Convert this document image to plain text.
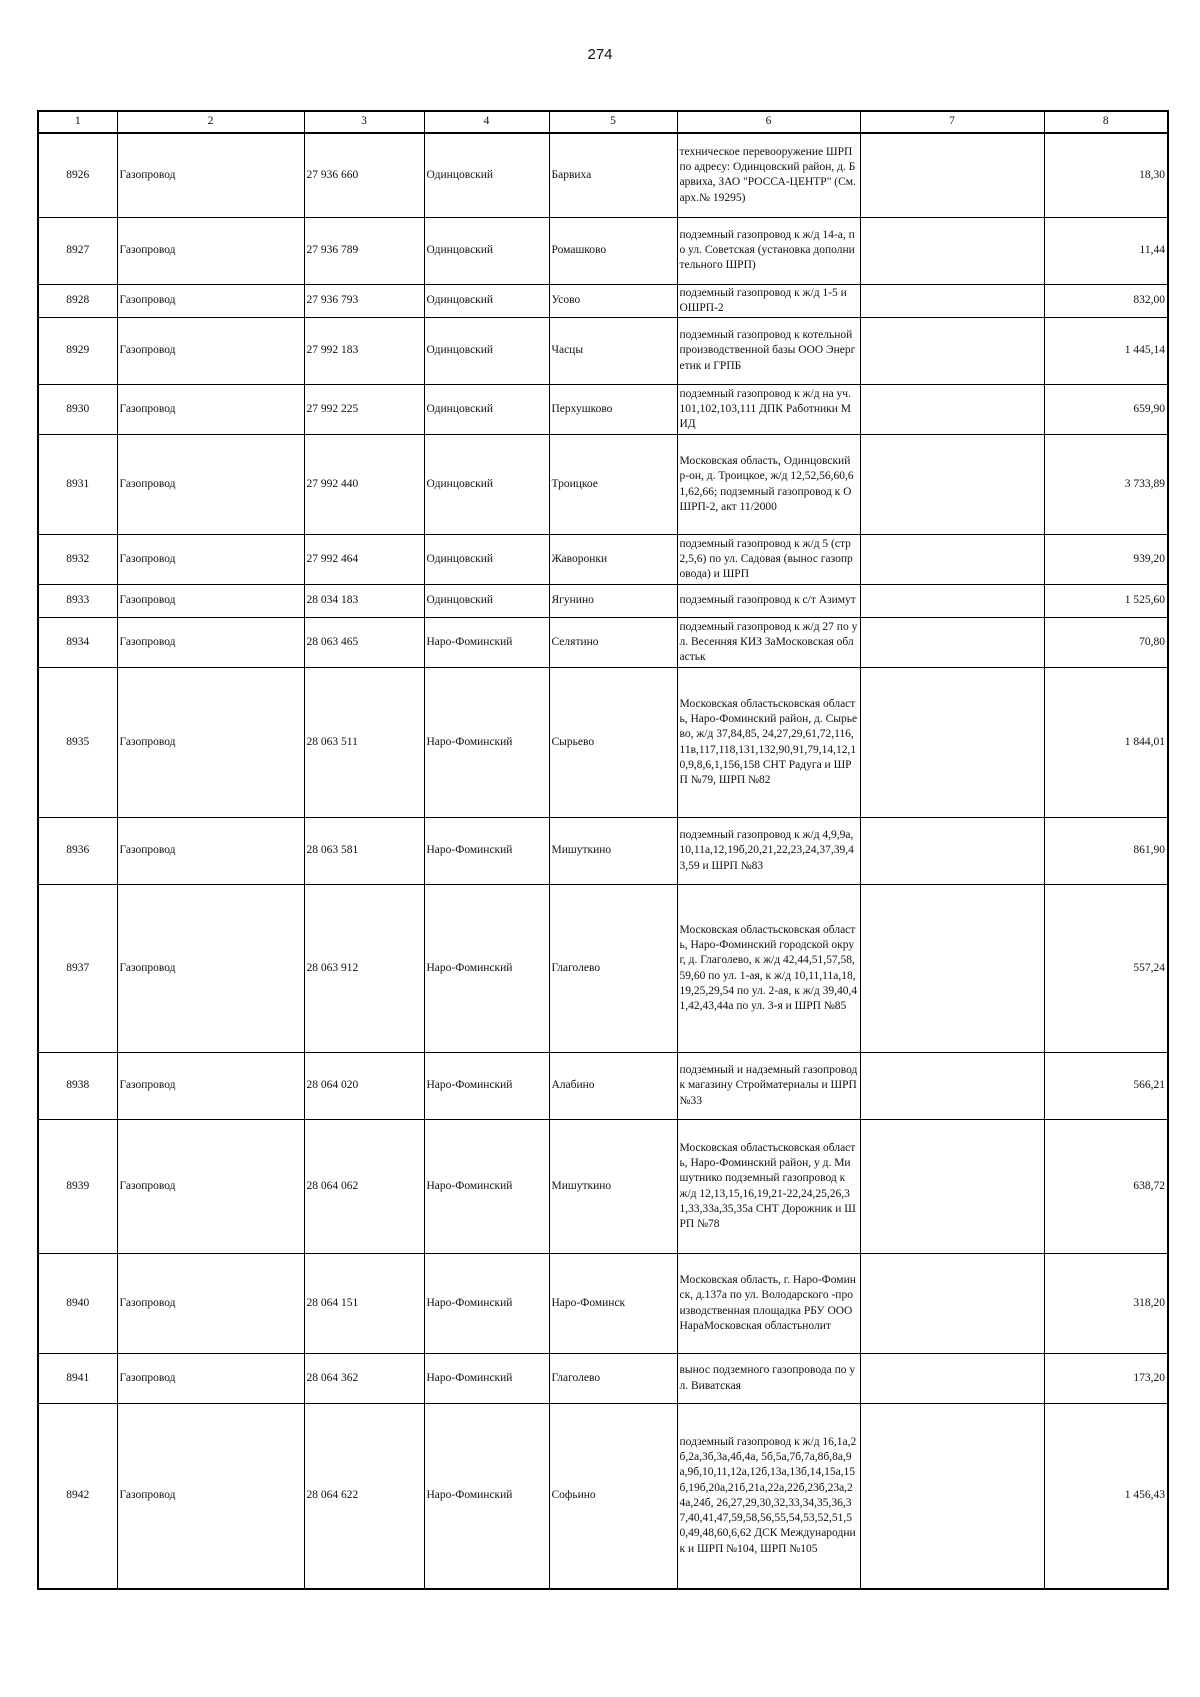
274
1	2	3	4	5	6	7	8
8926	Газопровод	27 936 660	Одинцовский	Барвиха	техническое перевооружение ШРП по адресу: Одинцовский район, д. Барвиха, ЗАО "РОССА-ЦЕНТР" (См. арх.№ 19295)		18,30
8927	Газопровод	27 936 789	Одинцовский	Ромашково	подземный газопровод к ж/д 14-а, по ул. Советская (установка дополнительного ШРП)		11,44
8928	Газопровод	27 936 793	Одинцовский	Усово	подземный газопровод к ж/д 1-5 и ОШРП-2		832,00
8929	Газопровод	27 992 183	Одинцовский	Часцы	подземный газопровод к котельной производственной базы ООО Энергетик и ГРПБ		1 445,14
8930	Газопровод	27 992 225	Одинцовский	Перхушково	подземный газопровод к ж/д на уч. 101,102,103,111 ДПК Работники МИД		659,90
8931	Газопровод	27 992 440	Одинцовский	Троицкое	Московская область, Одинцовский р-он, д. Троицкое, ж/д 12,52,56,60,61,62,66; подземный газопровод к ОШРП-2, акт 11/2000		3 733,89
8932	Газопровод	27 992 464	Одинцовский	Жаворонки	подземный газопровод к ж/д 5 (стр 2,5,6) по ул. Садовая (вынос газопровода) и ШРП		939,20
8933	Газопровод	28 034 183	Одинцовский	Ягунино	подземный газопровод к с/т Азимут		1 525,60
8934	Газопровод	28 063 465	Наро-Фоминский	Селятино	подземный газопровод к ж/д 27 по ул. Весенняя КИЗ ЗаМосковская областьк		70,80
8935	Газопровод	28 063 511	Наро-Фоминский	Сырьево	Московская областьсковская область, Наро-Фоминский район, д. Сырьево, ж/д 37,84,85, 24,27,29,61,72,116,11в,117,118,131,132,90,91,79,14,12,10,9,8,6,1,156,158 СНТ Радуга и ШРП №79, ШРП №82		1 844,01
8936	Газопровод	28 063 581	Наро-Фоминский	Мишуткино	подземный газопровод к ж/д 4,9,9а,10,11а,12,19б,20,21,22,23,24,37,39,43,59 и ШРП №83		861,90
8937	Газопровод	28 063 912	Наро-Фоминский	Глаголево	Московская областьсковская область, Наро-Фоминский городской округ, д. Глаголево, к ж/д 42,44,51,57,58,59,60 по ул. 1-ая, к ж/д 10,11,11а,18,19,25,29,54 по ул. 2-ая, к ж/д 39,40,41,42,43,44а по ул. 3-я и ШРП №85		557,24
8938	Газопровод	28 064 020	Наро-Фоминский	Алабино	подземный и надземный газопровод к магазину Стройматериалы и ШРП №33		566,21
8939	Газопровод	28 064 062	Наро-Фоминский	Мишуткино	Московская областьсковская область, Наро-Фоминский район, у д. Мишутнико подземный газопровод к ж/д 12,13,15,16,19,21-22,24,25,26,31,33,33а,35,35а СНТ Дорожник и ШРП №78		638,72
8940	Газопровод	28 064 151	Наро-Фоминский	Наро-Фоминск	Московская область, г. Наро-Фоминск, д.137а по ул. Володарского -производственная площадка РБУ ООО НараМосковская областьнолит		318,20
8941	Газопровод	28 064 362	Наро-Фоминский	Глаголево	вынос подземного газопровода по ул. Виватская		173,20
8942	Газопровод	28 064 622	Наро-Фоминский	Софьино	подземный газопровод к ж/д 16,1а,2б,2а,3б,3а,4б,4а, 5б,5а,7б,7а,8б,8а,9а,9б,10,11,12а,12б,13а,13б,14,15а,15б,19б,20а,21б,21а,22а,22б,23б,23а,24а,24б, 26,27,29,30,32,33,34,35,36,37,40,41,47,59,58,56,55,54,53,52,51,50,49,48,60,6,62 ДСК Международник и ШРП №104, ШРП №105		1 456,43
